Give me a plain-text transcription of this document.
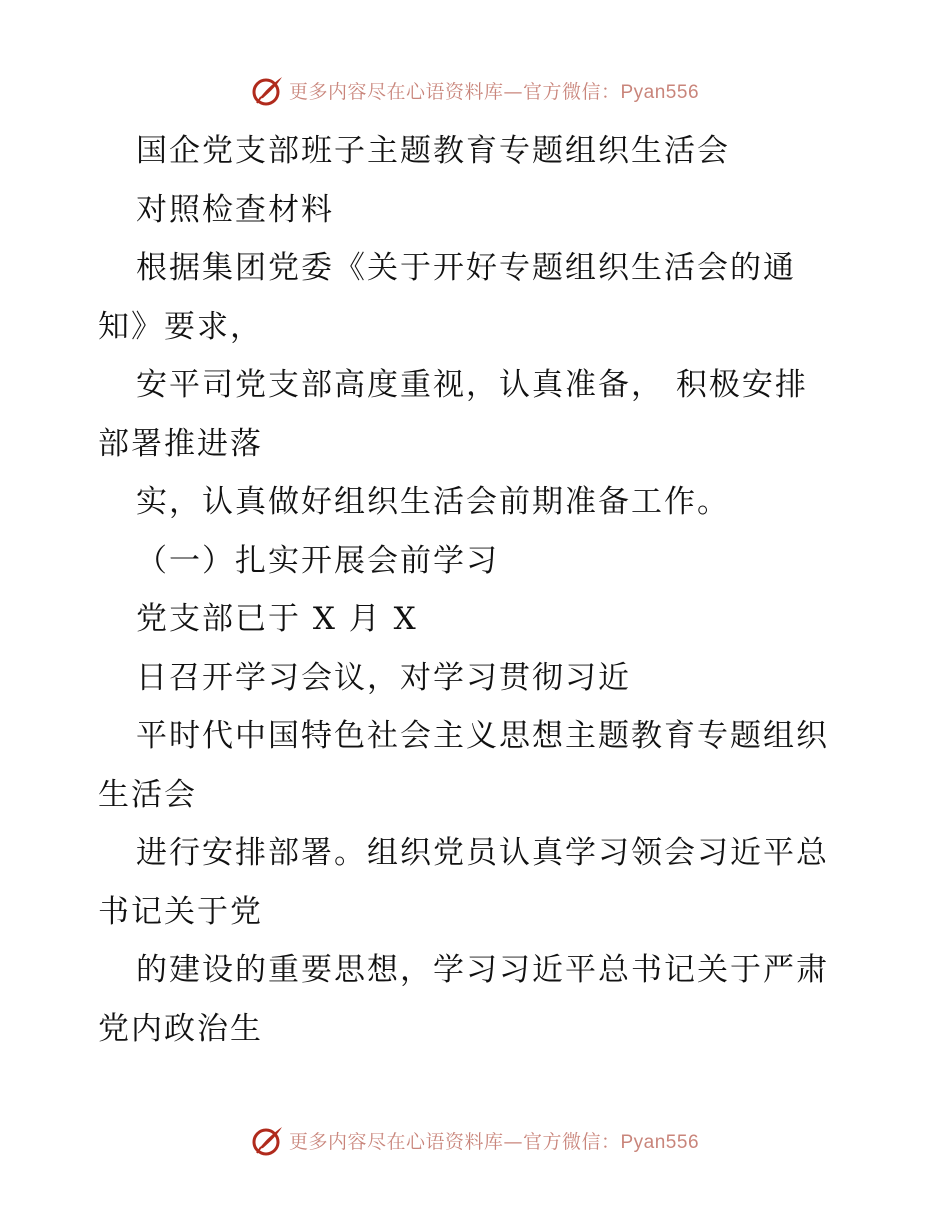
更多内容尽在心语资料库—官方微信：Pyan556
国企党支部班子主题教育专题组织生活会
对照检查材料
根据集团党委《关于开好专题组织生活会的通
知》要求，
安平司党支部高度重视，认真准备， 积极安排
部署推进落
实，认真做好组织生活会前期准备工作。
（一）扎实开展会前学习
党支部已于 X 月 X
日召开学习会议，对学习贯彻习近
平时代中国特色社会主义思想主题教育专题组织
生活会
进行安排部署。组织党员认真学习领会习近平总
书记关于党
的建设的重要思想，学习习近平总书记关于严肃
党内政治生
更多内容尽在心语资料库—官方微信：Pyan556
